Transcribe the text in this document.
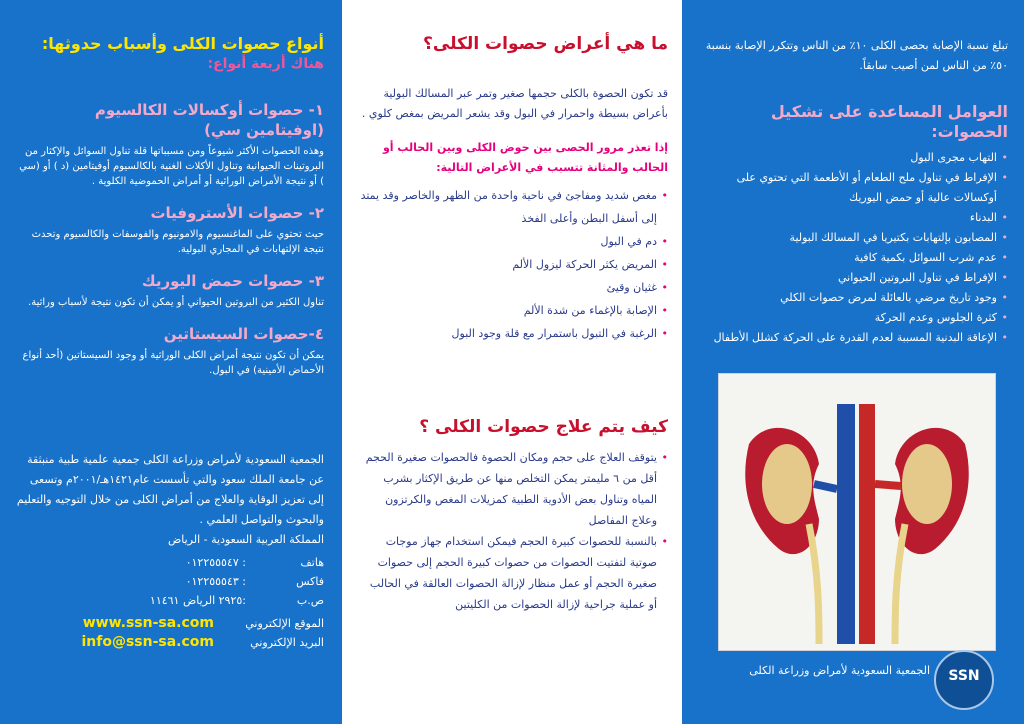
أنواع حصوات الكلى وأسباب حدوثها:

هناك أربعة أنواع:

١- حصوات أوكسالات الكالسيوم (اوفيتامين سي)

وهذه الحصوات الأكثر شيوعاً ومن مسبباتها قلة تناول السوائل والإكثار من البروتينات الحيوانية وتناول الأكلات الغنية بالكالسيوم أوفيتامين (د ) أو (سي ) أو نتيجة الأمراض الوراثية أو أمراض الحموضية الكلوية .

٢- حصوات الأستروفيات

حيث تحتوي على الماغنسيوم والامونيوم والفوسفات والكالسيوم وتحدث نتيجة الإلتهابات في المجاري البولية.

٣- حصوات حمض اليوريك

تناول الكثير من البروتين الحيواني أو يمكن أن تكون نتيجة لأسباب وراثية.

٤-حصوات السيستاتين

يمكن أن تكون نتيجة أمراض الكلى الوراثية أو وجود السيستاتين (أحد أنواع الأحماض الأمينية) في البول.

الجمعية السعودية لأمراض وزراعة الكلى جمعية علمية طبية منبثقة عن جامعة الملك سعود والتي تأسست عام١٤٢١هـ/٢٠٠١م وتسعى إلى تعزيز الوقاية والعلاج من أمراض الكلى من خلال التوجيه والتعليم والبحوث والتواصل العلمي .

المملكة العربية السعودية - الرياض

هاتف
: ٠١٢٢٥٥٥٤٧
فاكس
: ٠١٢٢٥٥٥٤٣
ص.ب
:٢٩٢٥ الرياض ١١٤٦١
الموقع الإلكتروني
www.ssn-sa.com
البريد الإلكتروني
info@ssn-sa.com

ما هي أعراض حصوات الكلى؟

قد تكون الحصوة بالكلى حجمها صغير وتمر عبر المسالك البولية بأعراض بسيطة واحمرار في البول وقد يشعر المريض بمغص كلوي .

إذا تعذر مرور الحصى بين حوض الكلى وبين الحالب أو الحالب والمثانة تتسبب في الأعراض التالية:

• مغص شديد ومفاجئ في ناحية واحدة من الظهر والخاصر وقد يمتد إلى أسفل البطن وأعلى الفخذ
• دم في البول
• المريض يكثر الحركة ليزول الألم
• غثيان وقيئ
• الإصابة بالإغماء من شدة الألم
• الرغبة في التبول باستمرار مع قلة وجود البول

كيف يتم علاج حصوات الكلى ؟

• يتوقف العلاج على حجم ومكان الحصوة فالحصوات صغيرة الحجم أقل من ٦ مليمتر يمكن التخلص منها عن طريق الإكثار بشرب المياه وتناول بعض الأدوية الطبية كمزيلات المغص والكرتزون وعلاج المفاصل
• بالنسبة للحصوات كبيرة الحجم فيمكن استخدام جهاز موجات صوتية لتفتيت الحصوات من حصوات كبيرة الحجم إلى حصوات صغيرة الحجم أو عمل منظار لإزالة الحصوات العالقة في الحالب أو عملية جراحية لإزالة الحصوات من الكليتين

تبلغ نسبة الإصابة بحصى الكلى ١٠٪ من الناس وتتكرر الإصابة بنسبة ٥٠٪ من الناس لمن أصيب سابقاً.

العوامل المساعدة على تشكيل الحصوات:

• التهاب مجرى البول
• الإفراط في تناول ملح الطعام أو الأطعمة التي تحتوي على أوكسالات عالية أو حمض اليوريك
• البدناء
• المصابون بإلتهابات بكتيريا في المسالك البولية
• عدم شرب السوائل بكمية كافية
• الإفراط في تناول البروتين الحيواني
• وجود تاريخ مرضي بالعائلة لمرض حصوات الكلي
• كثرة الجلوس وعدم الحركة
• الإعاقة البدنية المسببة لعدم القدرة على الحركة كشلل الأطفال
الجمعية السعودية لأمراض وزراعة الكلى	SSN
